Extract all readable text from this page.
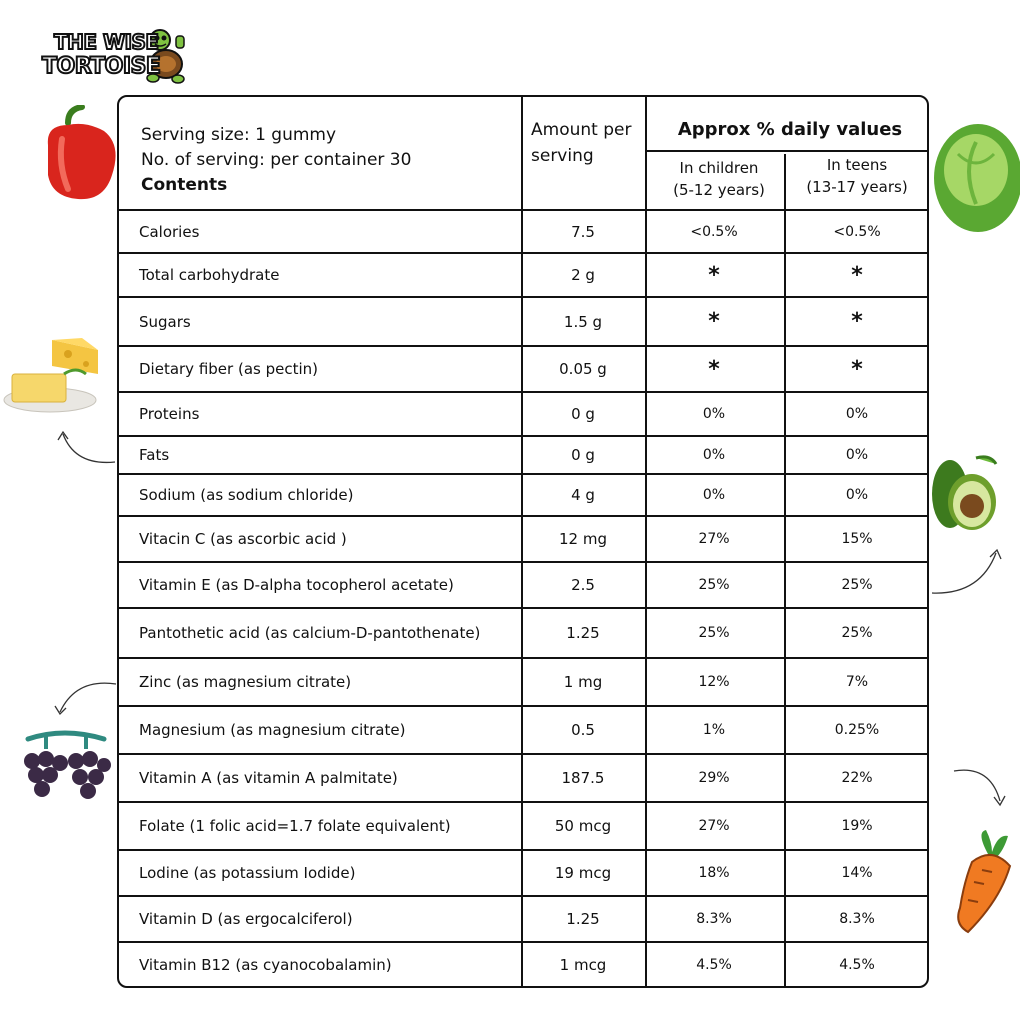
THE WISE
TORTOISE
Serving size: 1 gummy
No. of serving: per container 30
Contents
Amount per
serving
Approx % daily values
In children
(5-12 years)
In teens
(13-17 years)
Calories	7.5	<0.5%	<0.5%
Total carbohydrate	2 g	*	*
Sugars	1.5 g	*	*
Dietary fiber (as pectin)	0.05 g	*	*
Proteins	0 g	0%	0%
Fats	0 g	0%	0%
Sodium (as sodium chloride)	4 g	0%	0%
Vitacin C (as ascorbic acid )	12 mg	27%	15%
Vitamin E (as D-alpha tocopherol acetate)	2.5	25%	25%
Pantothetic acid (as calcium-D-pantothenate)	1.25	25%	25%
Zinc (as magnesium citrate)	1 mg	12%	7%
Magnesium (as magnesium citrate)	0.5	1%	0.25%
Vitamin A (as vitamin A palmitate)	187.5	29%	22%
Folate (1 folic acid=1.7 folate equivalent)	50 mcg	27%	19%
Lodine (as potassium Iodide)	19 mcg	18%	14%
Vitamin D (as ergocalciferol)	1.25	8.3%	8.3%
Vitamin B12 (as cyanocobalamin)	1 mcg	4.5%	4.5%
